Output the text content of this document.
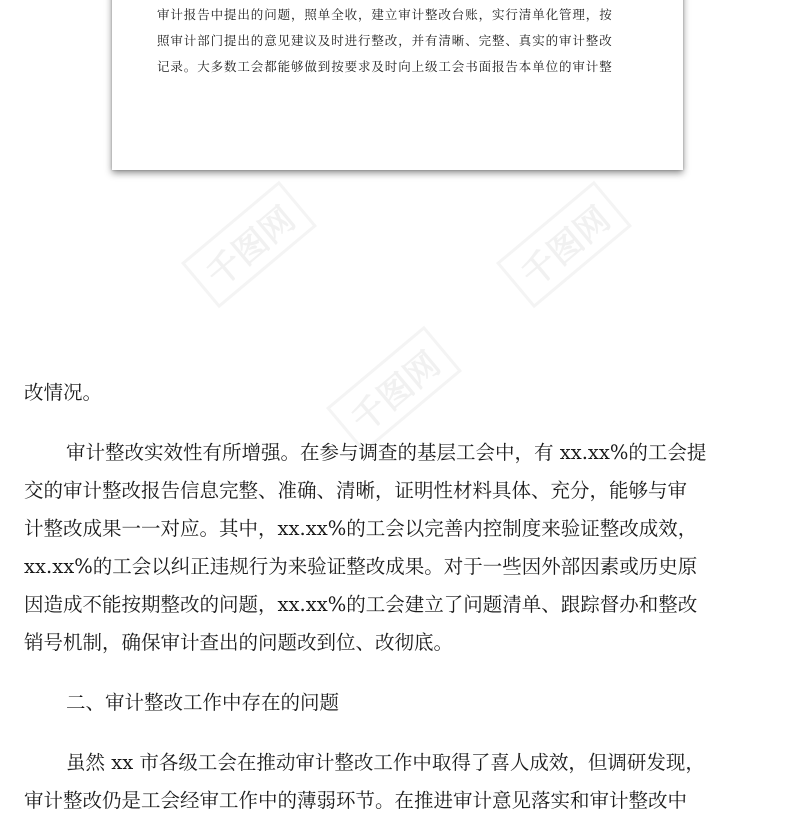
审计报告中提出的问题，照单全收，建立审计整改台账，实行清单化管理，按
照审计部门提出的意见建议及时进行整改，并有清晰、完整、真实的审计整改
记录。大多数工会都能够做到按要求及时向上级工会书面报告本单位的审计整
千图网	千图网
千图网
改情况。
审计整改实效性有所增强。在参与调查的基层工会中，有 xx.xx%的工会提
交的审计整改报告信息完整、准确、清晰，证明性材料具体、充分，能够与审
计整改成果一一对应。其中，xx.xx%的工会以完善内控制度来验证整改成效，
xx.xx%的工会以纠正违规行为来验证整改成果。对于一些因外部因素或历史原
因造成不能按期整改的问题，xx.xx%的工会建立了问题清单、跟踪督办和整改
销号机制，确保审计查出的问题改到位、改彻底。
二、审计整改工作中存在的问题
虽然 xx 市各级工会在推动审计整改工作中取得了喜人成效，但调研发现，
审计整改仍是工会经审工作中的薄弱环节。在推进审计意见落实和审计整改中
